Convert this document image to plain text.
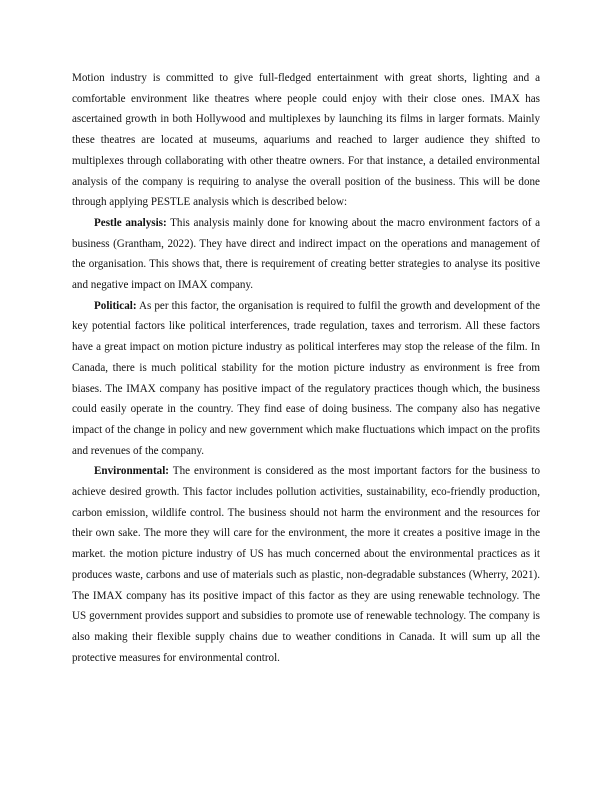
Motion industry is committed to give full-fledged entertainment with great shorts, lighting and a comfortable environment like theatres where people could enjoy with their close ones. IMAX has ascertained growth in both Hollywood and multiplexes by launching its films in larger formats. Mainly these theatres are located at museums, aquariums and reached to larger audience they shifted to multiplexes through collaborating with other theatre owners. For that instance, a detailed environmental analysis of the company is requiring to analyse the overall position of the business. This will be done through applying PESTLE analysis which is described below:

Pestle analysis: This analysis mainly done for knowing about the macro environment factors of a business (Grantham, 2022). They have direct and indirect impact on the operations and management of the organisation. This shows that, there is requirement of creating better strategies to analyse its positive and negative impact on IMAX company.

Political: As per this factor, the organisation is required to fulfil the growth and development of the key potential factors like political interferences, trade regulation, taxes and terrorism. All these factors have a great impact on motion picture industry as political interferes may stop the release of the film. In Canada, there is much political stability for the motion picture industry as environment is free from biases. The IMAX company has positive impact of the regulatory practices though which, the business could easily operate in the country. They find ease of doing business. The company also has negative impact of the change in policy and new government which make fluctuations which impact on the profits and revenues of the company.

Environmental: The environment is considered as the most important factors for the business to achieve desired growth. This factor includes pollution activities, sustainability, eco-friendly production, carbon emission, wildlife control. The business should not harm the environment and the resources for their own sake. The more they will care for the environment, the more it creates a positive image in the market. the motion picture industry of US has much concerned about the environmental practices as it produces waste, carbons and use of materials such as plastic, non-degradable substances (Wherry, 2021). The IMAX company has its positive impact of this factor as they are using renewable technology. The US government provides support and subsidies to promote use of renewable technology. The company is also making their flexible supply chains due to weather conditions in Canada. It will sum up all the protective measures for environmental control.
